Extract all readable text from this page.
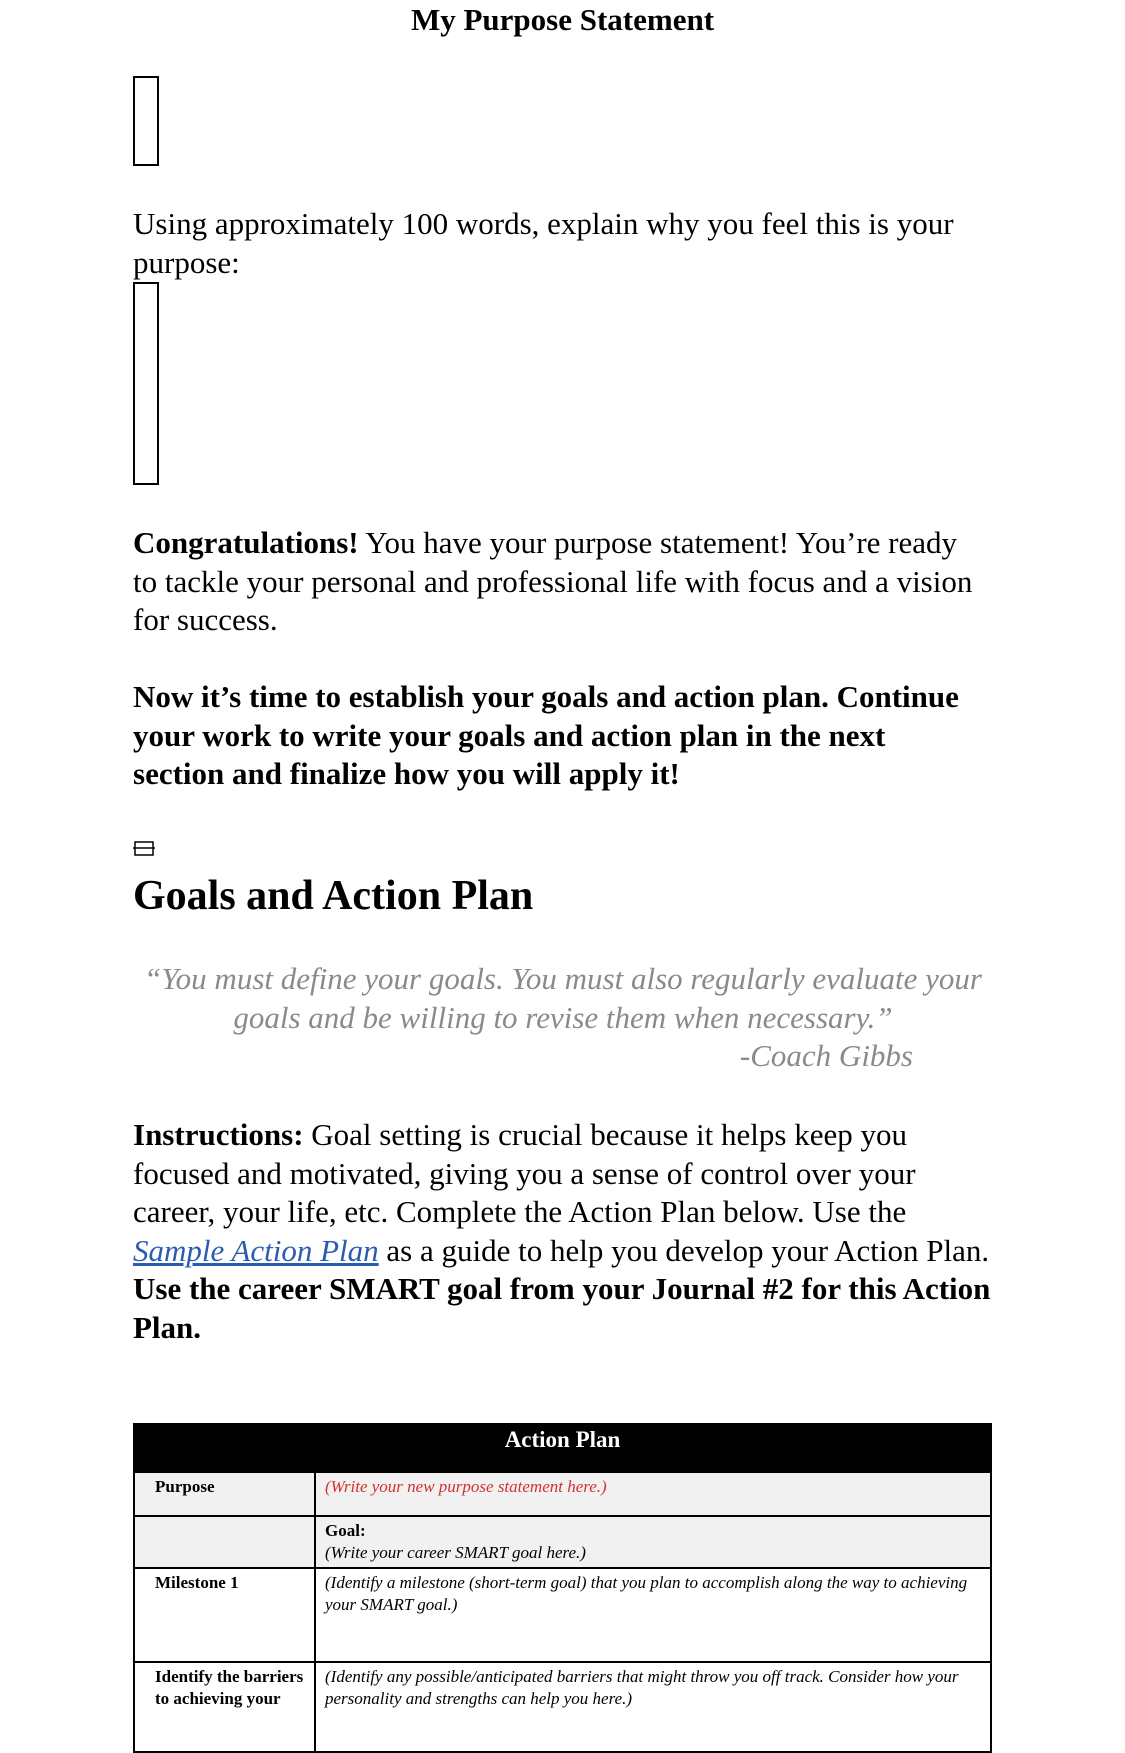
My Purpose Statement
Using approximately 100 words, explain why you feel this is your purpose:
Congratulations! You have your purpose statement! You’re ready to tackle your personal and professional life with focus and a vision for success.
Now it’s time to establish your goals and action plan. Continue your work to write your goals and action plan in the next section and finalize how you will apply it!
Goals and Action Plan
“You must define your goals. You must also regularly evaluate your goals and be willing to revise them when necessary.”
-Coach Gibbs
Instructions: Goal setting is crucial because it helps keep you focused and motivated, giving you a sense of control over your career, your life, etc. Complete the Action Plan below. Use the Sample Action Plan as a guide to help you develop your Action Plan. Use the career SMART goal from your Journal #2 for this Action Plan.
Action Plan	
Purpose	(Write your new purpose statement here.)

	Goal:
(Write your career SMART goal here.)

Milestone 1	(Identify a milestone (short-term goal) that you plan to accomplish along the way to achieving your SMART goal.)
Identify the barriers to achieving your	(Identify any possible/anticipated barriers that might throw you off track. Consider how your personality and strengths can help you here.)
